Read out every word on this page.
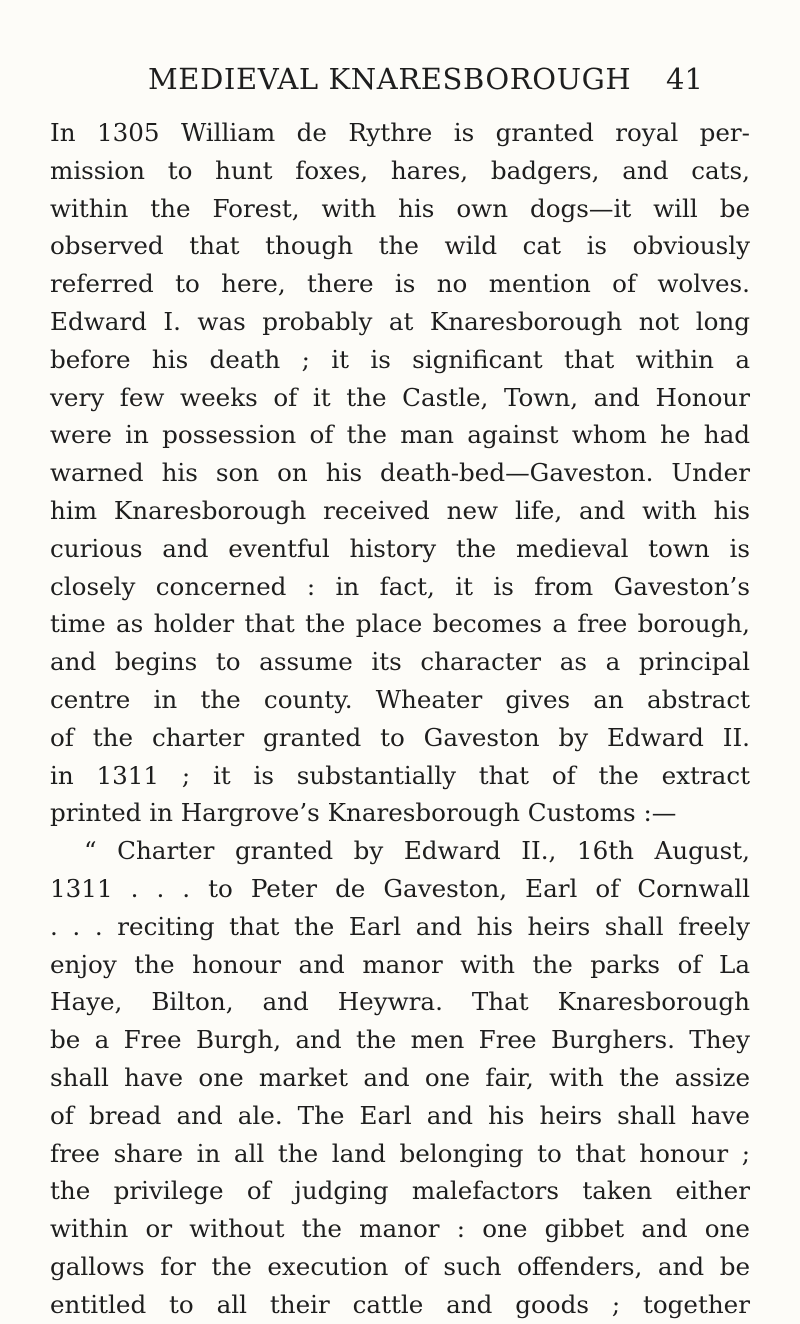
MEDIEVAL KNARESBOROUGH 41
In 1305 William de Rythre is granted royal per-
mission to hunt foxes, hares, badgers, and cats,
within the Forest, with his own dogs—it will be
observed that though the wild cat is obviously
referred to here, there is no mention of wolves.
Edward I. was probably at Knaresborough not long
before his death ; it is significant that within a
very few weeks of it the Castle, Town, and Honour
were in possession of the man against whom he had
warned his son on his death-bed—Gaveston. Under
him Knaresborough received new life, and with his
curious and eventful history the medieval town is
closely concerned : in fact, it is from Gaveston’s
time as holder that the place becomes a free borough,
and begins to assume its character as a principal
centre in the county. Wheater gives an abstract
of the charter granted to Gaveston by Edward II.
in 1311 ; it is substantially that of the extract
printed in Hargrove’s Knaresborough Customs :—
“ Charter granted by Edward II., 16th August,
1311 . . . to Peter de Gaveston, Earl of Cornwall
. . . reciting that the Earl and his heirs shall freely
enjoy the honour and manor with the parks of La
Haye, Bilton, and Heywra. That Knaresborough
be a Free Burgh, and the men Free Burghers. They
shall have one market and one fair, with the assize
of bread and ale. The Earl and his heirs shall have
free share in all the land belonging to that honour ;
the privilege of judging malefactors taken either
within or without the manor : one gibbet and one
gallows for the execution of such offenders, and be
entitled to all their cattle and goods ; together
